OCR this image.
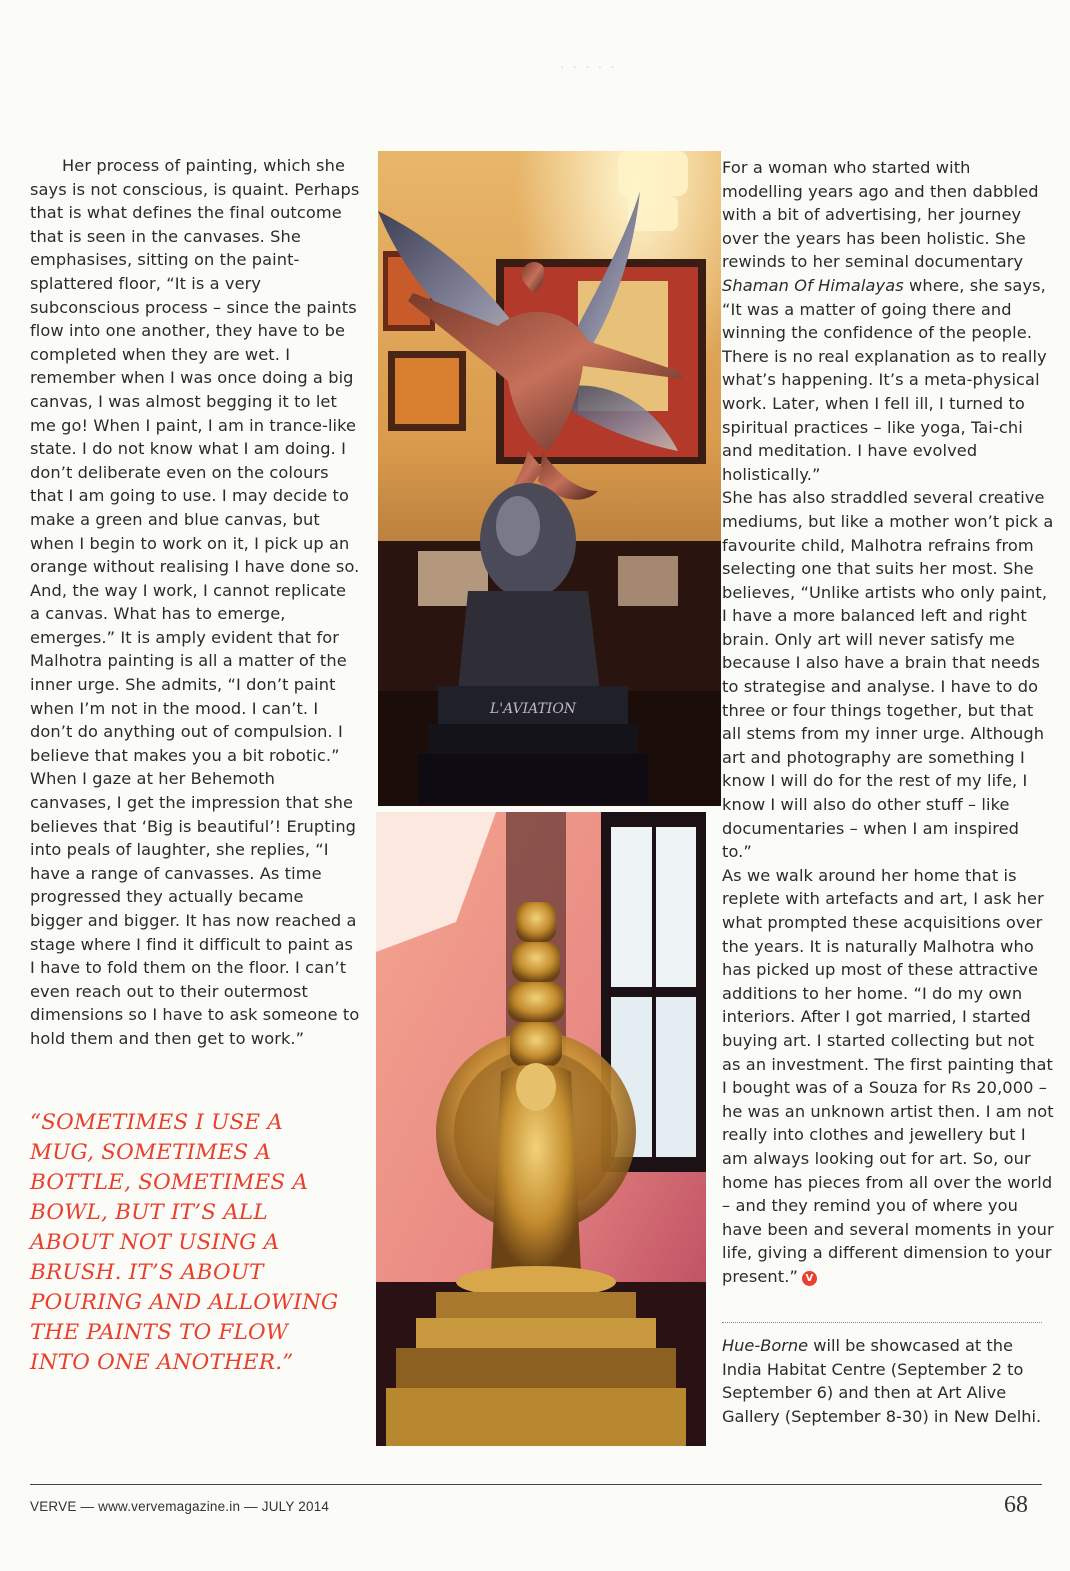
· · · · ·

Her process of painting, which she says is not conscious, is quaint. Perhaps that is what defines the final outcome that is seen in the canvases. She emphasises, sitting on the paint-splattered floor, “It is a very subconscious process – since the paints flow into one another, they have to be completed when they are wet. I remember when I was once doing a big canvas, I was almost begging it to let me go! When I paint, I am in trance-like state. I do not know what I am doing. I don’t deliberate even on the colours that I am going to use. I may decide to make a green and blue canvas, but when I begin to work on it, I pick up an orange without realising I have done so. And, the way I work, I cannot replicate a canvas. What has to emerge, emerges.” It is amply evident that for Malhotra painting is all a matter of the inner urge. She admits, “I don’t paint when I’m not in the mood. I can’t. I don’t do anything out of compulsion. I believe that makes you a bit robotic.”

When I gaze at her Behemoth canvases, I get the impression that she believes that ‘Big is beautiful’! Erupting into peals of laughter, she replies, “I have a range of canvasses. As time progressed they actually became bigger and bigger. It has now reached a stage where I find it difficult to paint as I have to fold them on the floor. I can’t even reach out to their outermost dimensions so I have to ask someone to hold them and then get to work.”

“SOMETIMES I USE A MUG, SOMETIMES A BOTTLE, SOMETIMES A BOWL, BUT IT’S ALL ABOUT NOT USING A BRUSH. IT’S ABOUT POURING AND ALLOWING THE PAINTS TO FLOW INTO ONE ANOTHER.”
L'AVIATION

For a woman who started with modelling years ago and then dabbled with a bit of advertising, her journey over the years has been holistic. She rewinds to her seminal documentary Shaman Of Himalayas where, she says, “It was a matter of going there and winning the confidence of the people. There is no real explanation as to really what’s happening. It’s a meta-physical work. Later, when I fell ill, I turned to spiritual practices – like yoga, Tai-chi and meditation. I have evolved holistically.”

She has also straddled several creative mediums, but like a mother won’t pick a favourite child, Malhotra refrains from selecting one that suits her most. She believes, “Unlike artists who only paint, I have a more balanced left and right brain. Only art will never satisfy me because I also have a brain that needs to strategise and analyse. I have to do three or four things together, but that all stems from my inner urge. Although art and photography are something I know I will do for the rest of my life, I know I will also do other stuff – like documentaries – when I am inspired to.”

As we walk around her home that is replete with artefacts and art, I ask her what prompted these acquisitions over the years. It is naturally Malhotra who has picked up most of these attractive additions to her home. “I do my own interiors. After I got married, I started buying art. I started collecting but not as an investment. The first painting that I bought was of a Souza for Rs 20,000 – he was an unknown artist then. I am not really into clothes and jewellery but I am always looking out for art. So, our home has pieces from all over the world – and they remind you of where you have been and several moments in your life, giving a different dimension to your present.” V

Hue-Borne will be showcased at the India Habitat Centre (September 2 to September 6) and then at Art Alive Gallery (September 8-30) in New Delhi.
VERVE — www.vervemagazine.in — JULY 2014	68
